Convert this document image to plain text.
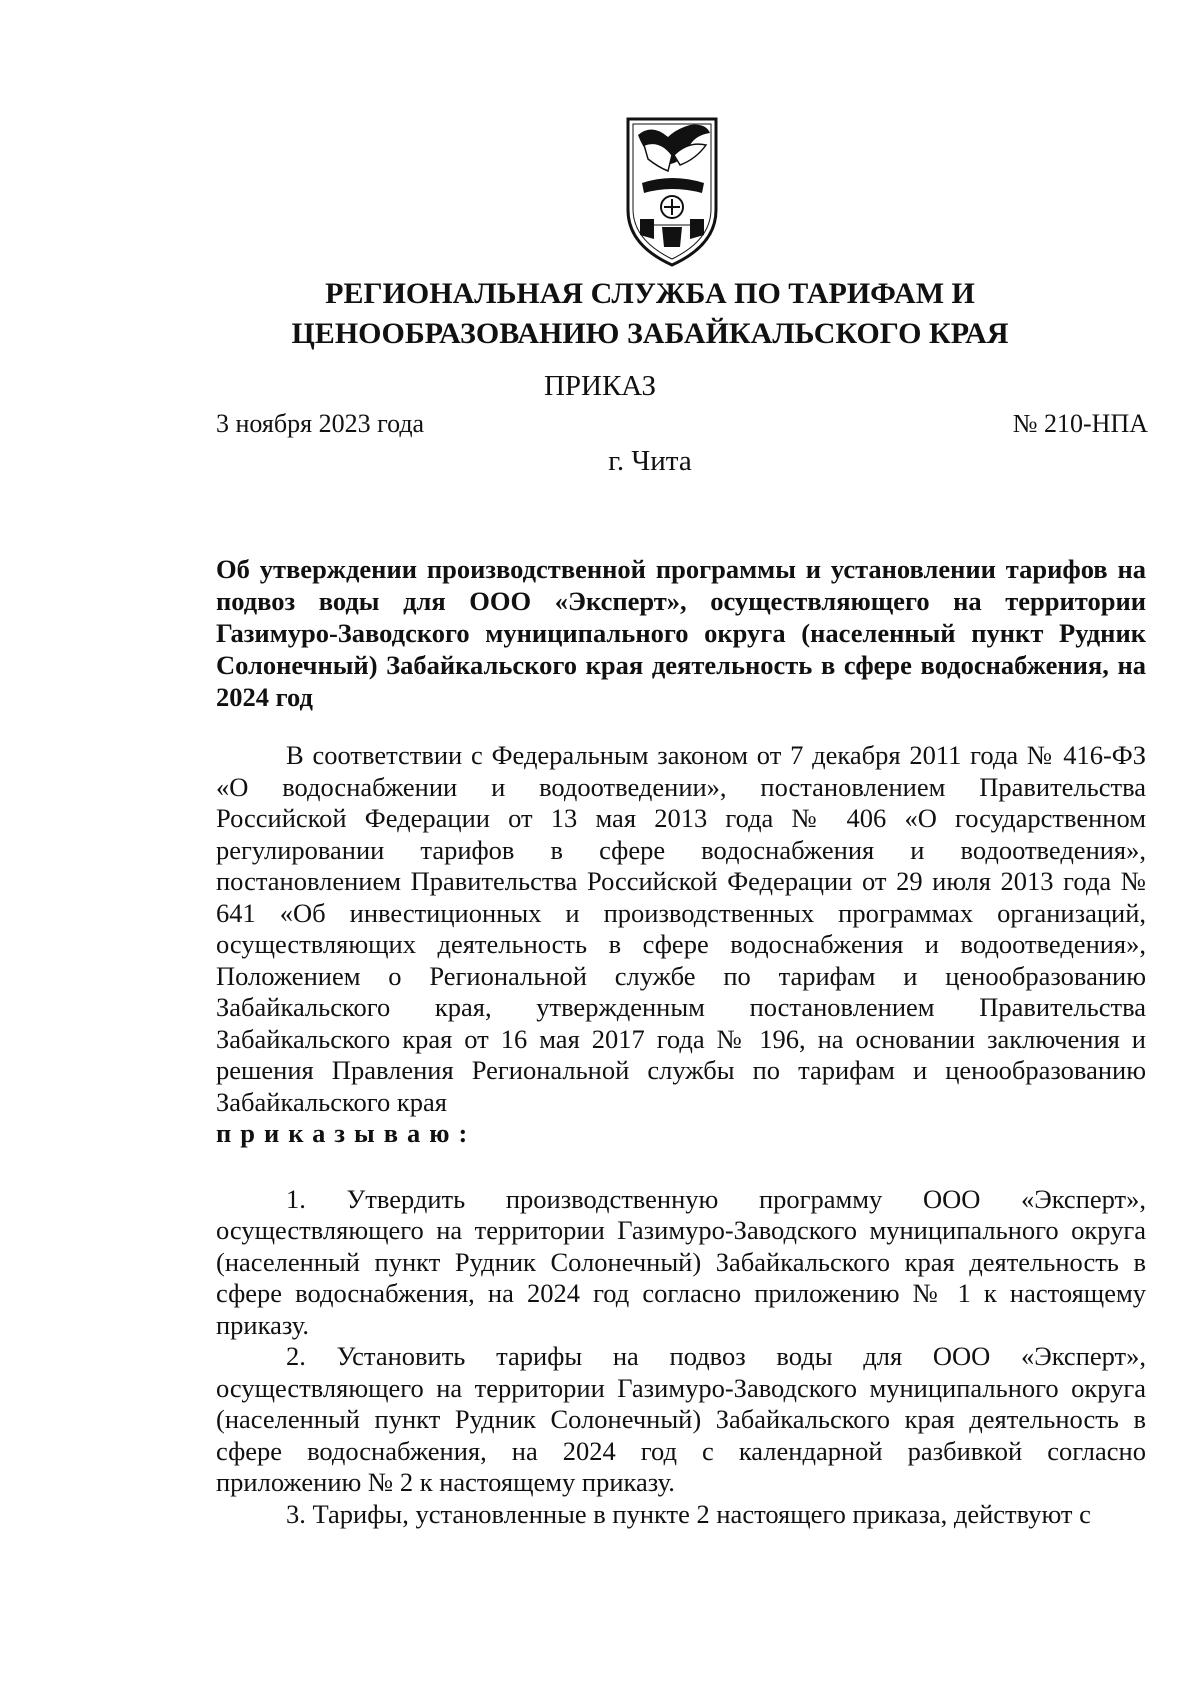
РЕГИОНАЛЬНАЯ СЛУЖБА ПО ТАРИФАМ И
ЦЕНООБРАЗОВАНИЮ ЗАБАЙКАЛЬСКОГО КРАЯ
ПРИКАЗ
3 ноября 2023 года	№ 210-НПА
г. Чита
Об утверждении производственной программы и установлении тарифов на подвоз воды для ООО «Эксперт», осуществляющего на территории Газимуро-Заводского муниципального округа (населенный пункт Рудник Солонечный) Забайкальского края деятельность в сфере водоснабжения, на 2024 год

В соответствии с Федеральным законом от 7 декабря 2011 года № 416-ФЗ «О водоснабжении и водоотведении», постановлением Правительства Российской Федерации от 13 мая 2013 года № 406 «О государственном регулировании тарифов в сфере водоснабжения и водоотведения», постановлением Правительства Российской Федерации от 29 июля 2013 года № 641 «Об инвестиционных и производственных программах организаций, осуществляющих деятельность в сфере водоснабжения и водоотведения», Положением о Региональной службе по тарифам и ценообразованию Забайкальского края, утвержденным постановлением Правительства Забайкальского края от 16 мая 2017 года № 196, на основании заключения и решения Правления Региональной службы по тарифам и ценообразованию Забайкальского края

приказываю:

1. Утвердить производственную программу ООО «Эксперт», осуществляющего на территории Газимуро-Заводского муниципального округа (населенный пункт Рудник Солонечный) Забайкальского края деятельность в сфере водоснабжения, на 2024 год согласно приложению № 1 к настоящему приказу.

2. Установить тарифы на подвоз воды для ООО «Эксперт», осуществляющего на территории Газимуро-Заводского муниципального округа (населенный пункт Рудник Солонечный) Забайкальского края деятельность в сфере водоснабжения, на 2024 год с календарной разбивкой согласно приложению № 2 к настоящему приказу.

3. Тарифы, установленные в пункте 2 настоящего приказа, действуют с
